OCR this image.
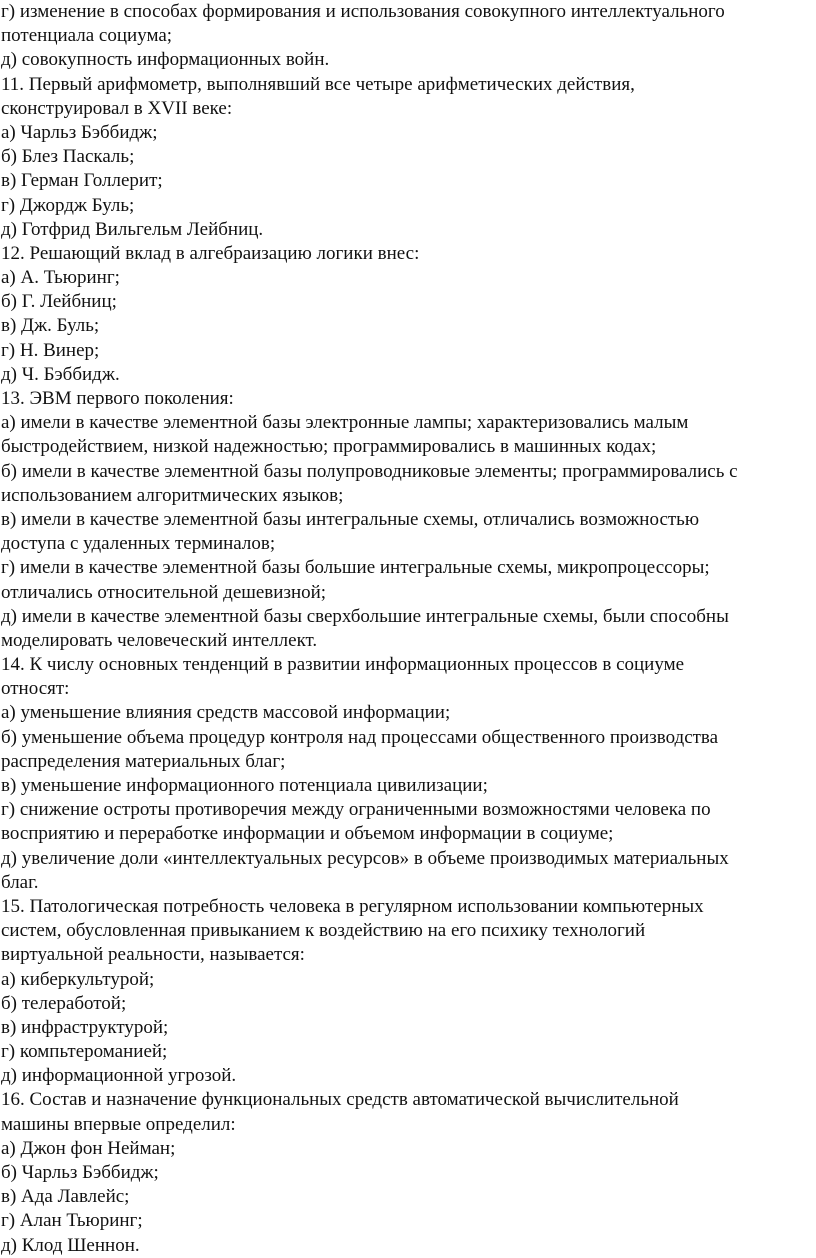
г) изменение в способах формирования и использования совокупного интеллектуального
потенциала социума;
д) совокупность информационных войн.
11. Первый арифмометр, выполнявший все четыре арифметических действия,
сконструировал в XVII веке:
а) Чарльз Бэббидж;
б) Блез Паскаль;
в) Герман Голлерит;
г) Джордж Буль;
д) Готфрид Вильгельм Лейбниц.
12. Решающий вклад в алгебраизацию логики внес:
а) А. Тьюринг;
б) Г. Лейбниц;
в) Дж. Буль;
г) Н. Винер;
д) Ч. Бэббидж.
13. ЭВМ первого поколения:
а) имели в качестве элементной базы электронные лампы; характеризовались малым
быстродействием, низкой надежностью; программировались в машинных кодах;
б) имели в качестве элементной базы полупроводниковые элементы; программировались с
использованием алгоритмических языков;
в) имели в качестве элементной базы интегральные схемы, отличались возможностью
доступа с удаленных терминалов;
г) имели в качестве элементной базы большие интегральные схемы, микропроцессоры;
отличались относительной дешевизной;
д) имели в качестве элементной базы сверхбольшие интегральные схемы, были способны
моделировать человеческий интеллект.
14. К числу основных тенденций в развитии информационных процессов в социуме
относят:
а) уменьшение влияния средств массовой информации;
б) уменьшение объема процедур контроля над процессами общественного производства
распределения материальных благ;
в) уменьшение информационного потенциала цивилизации;
г) снижение остроты противоречия между ограниченными возможностями человека по
восприятию и переработке информации и объемом информации в социуме;
д) увеличение доли «интеллектуальных ресурсов» в объеме производимых материальных
благ.
15. Патологическая потребность человека в регулярном использовании компьютерных
систем, обусловленная привыканием к воздействию на его психику технологий
виртуальной реальности, называется:
а) киберкультурой;
б) телеработой;
в) инфраструктурой;
г) компьтероманией;
д) информационной угрозой.
16. Состав и назначение функциональных средств автоматической вычислительной
машины впервые определил:
а) Джон фон Нейман;
б) Чарльз Бэббидж;
в) Ада Лавлейс;
г) Алан Тьюринг;
д) Клод Шеннон.
